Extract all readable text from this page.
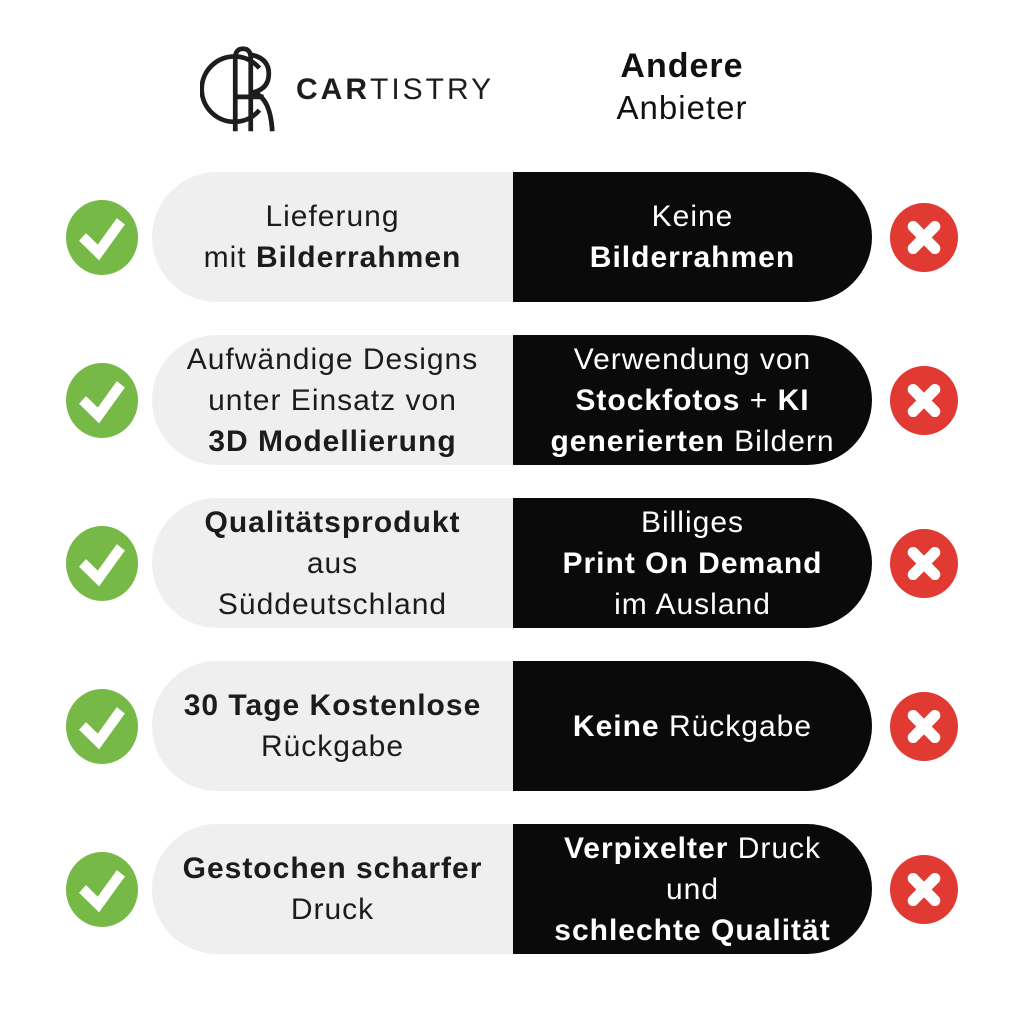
CARTISTRY
Andere
Anbieter
Lieferung
mit Bilderrahmen
Keine
Bilderrahmen
Aufwändige Designs
unter Einsatz von
3D Modellierung
Verwendung von
Stockfotos + KI
generierten Bildern
Qualitätsprodukt
aus
Süddeutschland
Billiges
Print On Demand
im Ausland
30 Tage Kostenlose
Rückgabe
Keine Rückgabe
Gestochen scharfer
Druck
Verpixelter Druck
und
schlechte Qualität
